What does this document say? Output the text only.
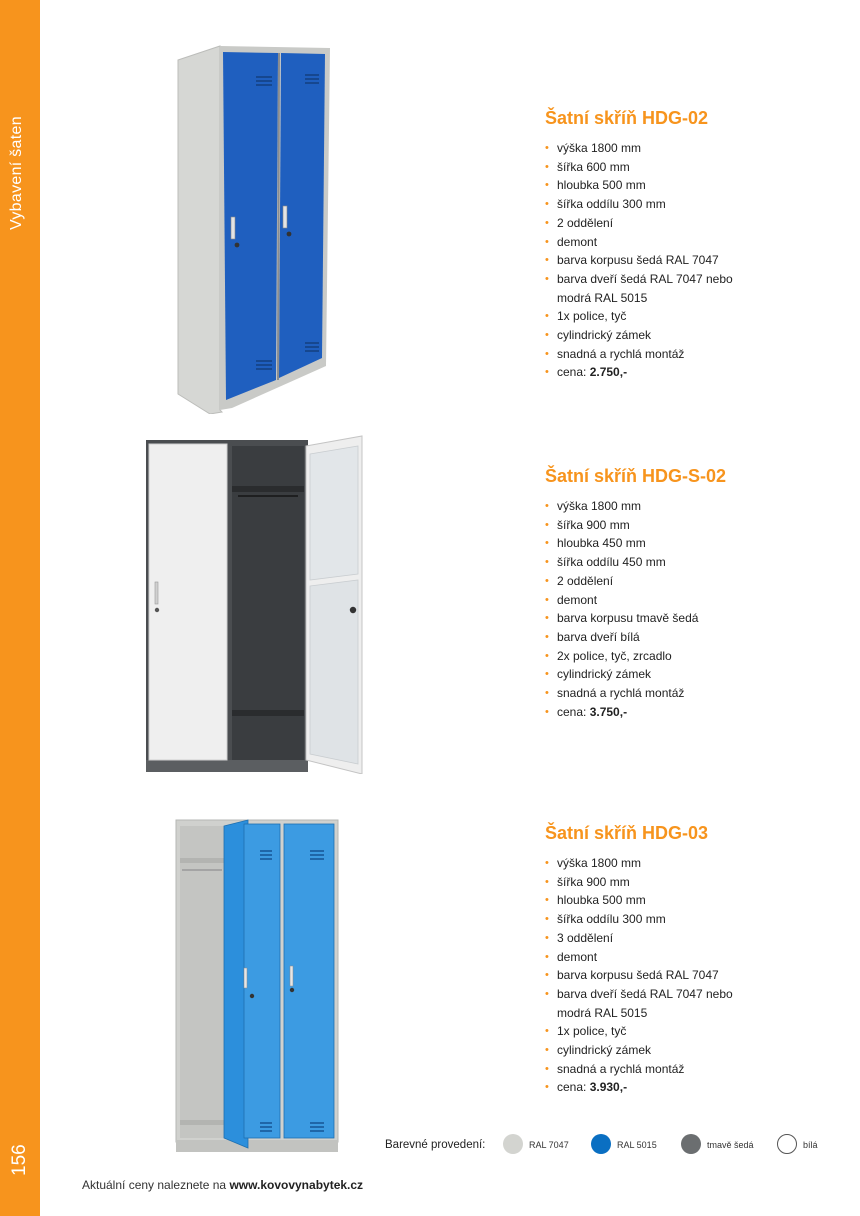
Vybavení šaten
156
Šatní skříň HDG-02
• výška 1800 mm
• šířka 600 mm
• hloubka 500 mm
• šířka oddílu 300 mm
• 2 oddělení
• demont
• barva korpusu šedá RAL 7047
• barva dveří šedá RAL 7047 nebo
modrá RAL 5015
• 1x police, tyč
• cylindrický zámek
• snadná a rychlá montáž
• cena: 2.750,-
Šatní skříň HDG-S-02
• výška 1800 mm
• šířka 900 mm
• hloubka 450 mm
• šířka oddílu 450 mm
• 2 oddělení
• demont
• barva korpusu tmavě šedá
• barva dveří bílá
• 2x police, tyč, zrcadlo
• cylindrický zámek
• snadná a rychlá montáž
• cena: 3.750,-
Šatní skříň HDG-03
• výška 1800 mm
• šířka 900 mm
• hloubka 500 mm
• šířka oddílu 300 mm
• 3 oddělení
• demont
• barva korpusu šedá RAL 7047
• barva dveří šedá RAL 7047 nebo
modrá RAL 5015
• 1x police, tyč
• cylindrický zámek
• snadná a rychlá montáž
• cena: 3.930,-
Barevné provedení:	RAL 7047	RAL 5015	tmavě šedá	bílá
Aktuální ceny naleznete na www.kovovynabytek.cz
